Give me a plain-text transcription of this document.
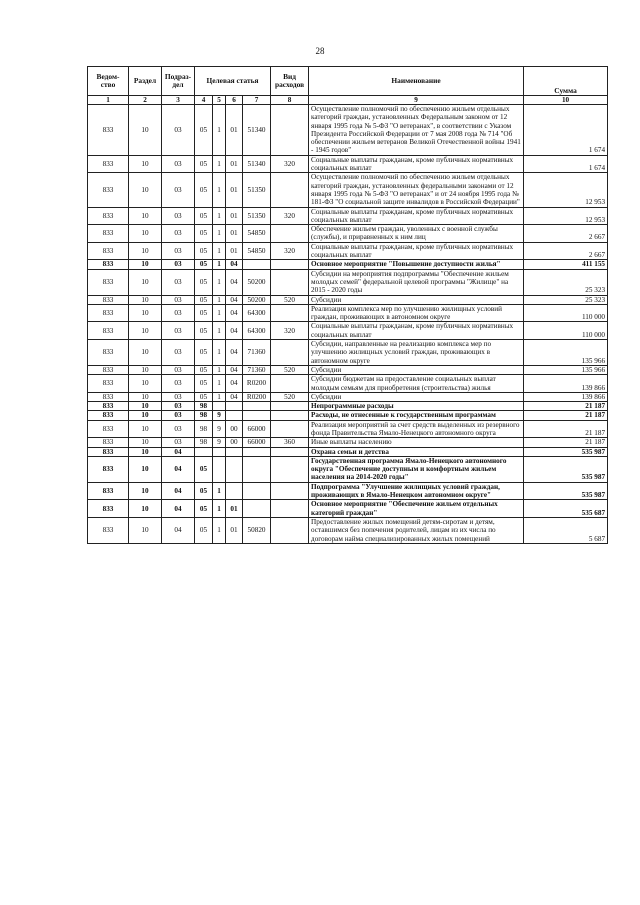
28
Ведом-ство	Раздел	Подраз-дел	Целевая статья				Вид расходов	Наименование	Сумма
1	2	3	4	5	6	7	8	9	10
833	10	03	05	1	01	51340		Осуществление полномочий по обеспечению жильем отдельных категорий граждан, установленных Федеральным законом от 12 января 1995 года № 5-ФЗ "О ветеранах", в соответствии с Указом Президента Российской Федерации от 7 мая 2008 года № 714 "Об обеспечении жильем ветеранов Великой Отечественной войны 1941 - 1945 годов"	1 674
833	10	03	05	1	01	51340	320	Социальные выплаты гражданам, кроме публичных нормативных социальных выплат	1 674
833	10	03	05	1	01	51350		Осуществление полномочий по обеспечению жильем отдельных категорий граждан, установленных федеральными законами от 12 января 1995 года № 5-ФЗ "О ветеранах" и от 24 ноября 1995 года № 181-ФЗ "О социальной защите инвалидов в Российской Федерации"	12 953
833	10	03	05	1	01	51350	320	Социальные выплаты гражданам, кроме публичных нормативных социальных выплат	12 953
833	10	03	05	1	01	54850		Обеспечение жильем граждан, уволенных с военной службы (службы), и приравненных к ним лиц	2 667
833	10	03	05	1	01	54850	320	Социальные выплаты гражданам, кроме публичных нормативных социальных выплат	2 667
833	10	03	05	1	04			Основное мероприятие "Повышение доступности жилья"	411 155
833	10	03	05	1	04	50200		Субсидии на мероприятия подпрограммы "Обеспечение жильем молодых семей" федеральной целевой программы "Жилище" на 2015 - 2020 годы	25 323
833	10	03	05	1	04	50200	520	Субсидии	25 323
833	10	03	05	1	04	64300		Реализация комплекса мер по улучшению жилищных условий граждан, проживающих в автономном округе	110 000
833	10	03	05	1	04	64300	320	Социальные выплаты гражданам, кроме публичных нормативных социальных выплат	110 000
833	10	03	05	1	04	71360		Субсидии, направленные на реализацию комплекса мер по улучшению жилищных условий граждан, проживающих в автономном округе	135 966
833	10	03	05	1	04	71360	520	Субсидии	135 966
833	10	03	05	1	04	R0200		Субсидии бюджетам на предоставление социальных выплат молодым семьям для приобретения (строительства) жилья	139 866
833	10	03	05	1	04	R0200	520	Субсидии	139 866
833	10	03	98					Непрограммные расходы	21 187
833	10	03	98	9				Расходы, не отнесенные к государственным программам	21 187
833	10	03	98	9	00	66000		Реализация мероприятий за счет средств выделенных из резервного фонда Правительства Ямало-Ненецкого автономного округа	21 187
833	10	03	98	9	00	66000	360	Иные выплаты населению	21 187
833	10	04						Охрана семьи и детства	535 987
833	10	04	05					Государственная программа Ямало-Ненецкого автономного округа "Обеспечение доступным и комфортным жильем населения на 2014-2020 годы"	535 987
833	10	04	05	1				Подпрограмма "Улучшение жилищных условий граждан, проживающих в Ямало-Ненецком автономном округе"	535 987
833	10	04	05	1	01			Основное мероприятие "Обеспечение жильем отдельных категорий граждан"	535 687
833	10	04	05	1	01	50820		Предоставление жилых помещений детям-сиротам и детям, оставшимся без попечения родителей, лицам из их числа по договорам найма специализированных жилых помещений	5 687
